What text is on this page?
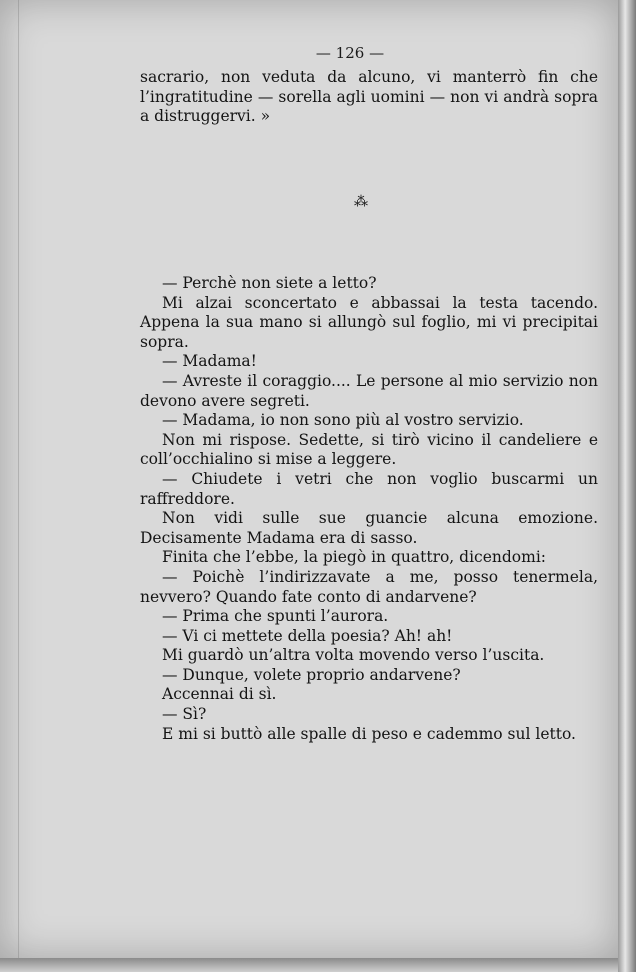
— 126 —

sacrario, non veduta da alcuno, vi manterrò fin che l’ingratitudine — sorella agli uomini — non vi andrà sopra a distruggervi. »

⁂

— Perchè non siete a letto?

Mi alzai sconcertato e abbassai la testa tacendo. Appena la sua mano si allungò sul foglio, mi vi precipitai sopra.

— Madama!

— Avreste il coraggio.... Le persone al mio servizio non devono avere segreti.

— Madama, io non sono più al vostro servizio.

Non mi rispose. Sedette, si tirò vicino il candeliere e coll’occhialino si mise a leggere.

— Chiudete i vetri che non voglio buscarmi un raffreddore.

Non vidi sulle sue guancie alcuna emozione. Decisamente Madama era di sasso.

Finita che l’ebbe, la piegò in quattro, dicendomi:

— Poichè l’indirizzavate a me, posso tenermela, nevvero? Quando fate conto di andarvene?

— Prima che spunti l’aurora.

— Vi ci mettete della poesia? Ah! ah!

Mi guardò un’altra volta movendo verso l’uscita.

— Dunque, volete proprio andarvene?

Accennai di sì.

— Sì?

E mi si buttò alle spalle di peso e cademmo sul letto.
